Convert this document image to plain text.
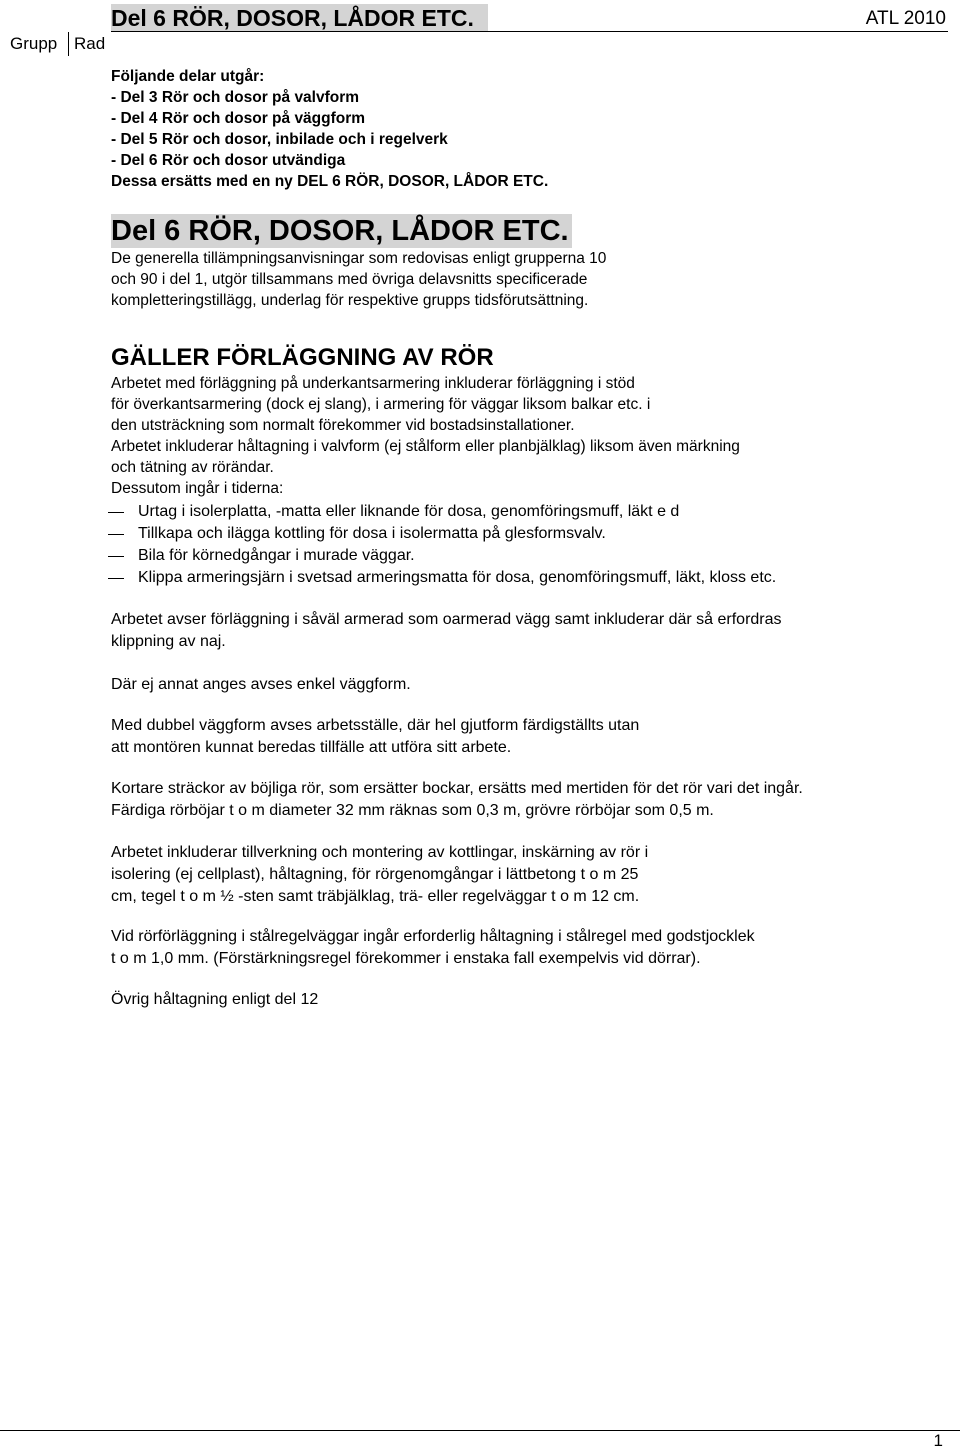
Del 6 RÖR, DOSOR, LÅDOR ETC.	ATL 2010
Grupp Rad
Följande delar utgår:
- Del 3 Rör och dosor på valvform
- Del 4 Rör och dosor på väggform
- Del 5 Rör och dosor, inbilade och i regelverk
- Del 6 Rör och dosor utvändiga
Dessa ersätts med en ny DEL 6 RÖR, DOSOR, LÅDOR ETC.
Del 6 RÖR, DOSOR, LÅDOR ETC.
De generella tillämpningsanvisningar som redovisas enligt grupperna 10
och 90 i del 1, utgör tillsammans med övriga delavsnitts specificerade
kompletteringstillägg, underlag för respektive grupps tidsförutsättning.
GÄLLER FÖRLÄGGNING AV RÖR
Arbetet med förläggning på underkantsarmering inkluderar förläggning i stöd
för överkantsarmering (dock ej slang), i armering för väggar liksom balkar etc. i
den utsträckning som normalt förekommer vid bostadsinstallationer.
Arbetet inkluderar håltagning i valvform (ej stålform eller planbjälklag) liksom även märkning
och tätning av rörändar.
Dessutom ingår i tiderna:
Urtag i isolerplatta, -matta eller liknande för dosa, genomföringsmuff, läkt e d
Tillkapa och ilägga kottling för dosa i isolermatta på glesformsvalv.
Bila för körnedgångar i murade väggar.
Klippa armeringsjärn i svetsad armeringsmatta för dosa, genomföringsmuff, läkt, kloss etc.
Arbetet avser förläggning i såväl armerad som oarmerad vägg samt inkluderar där så erfordras
klippning av naj.
Där ej annat anges avses enkel väggform.
Med dubbel väggform avses arbetsställe, där hel gjutform färdigställts utan
att montören kunnat beredas tillfälle att utföra sitt arbete.
Kortare sträckor av böjliga rör, som ersätter bockar, ersätts med mertiden för det rör vari det ingår.
Färdiga rörböjar t o m diameter 32 mm räknas som 0,3 m, grövre rörböjar som 0,5 m.
Arbetet inkluderar tillverkning och montering av kottlingar, inskärning av rör i
isolering (ej cellplast), håltagning, för rörgenomgångar i lättbetong t o m 25
cm, tegel t o m ½ -sten samt träbjälklag, trä- eller regelväggar t o m 12 cm.
Vid rörförläggning i stålregelväggar ingår erforderlig håltagning i stålregel med godstjocklek
t o m 1,0 mm. (Förstärkningsregel förekommer i enstaka fall exempelvis vid dörrar).
Övrig håltagning enligt del 12
1
